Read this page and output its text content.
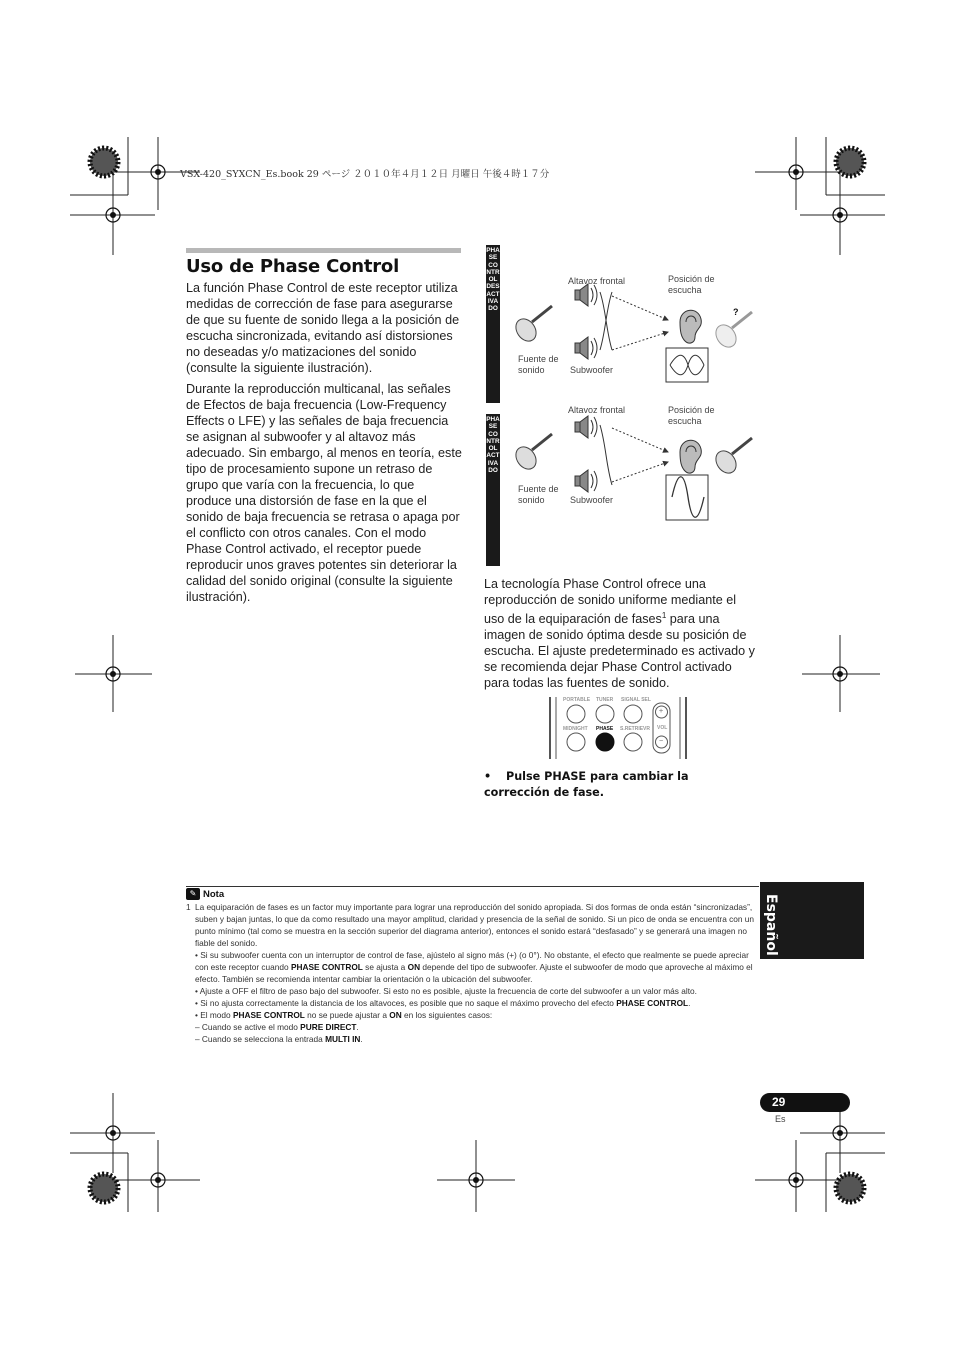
VSX-420_SYXCN_Es.book 29 ページ ２０１０年４月１２日 月曜日 午後４時１７分
Uso de Phase Control

La función Phase Control de este receptor utiliza medidas de corrección de fase para asegurarse de que su fuente de sonido llega a la posición de escucha sincronizada, evitando así distorsiones no deseadas y/o matizaciones del sonido (consulte la siguiente ilustración).

Durante la reproducción multicanal, las señales de Efectos de baja frecuencia (Low-Frequency Effects o LFE) y las señales de baja frecuencia se asignan al subwoofer y al altavoz más adecuado. Sin embargo, al menos en teoría, este tipo de procesamiento supone un retraso de grupo que varía con la frecuencia, lo que produce una distorsión de fase en la que el sonido de baja frecuencia se retrasa o apaga por el conflicto con otros canales. Con el modo Phase Control activado, el receptor puede reproducir unos graves potentes sin deteriorar la calidad del sonido original (consulte la siguiente ilustración).

PHASE CONTROL DESACTIVADO
PHASE CONTROL ACTIVADO
Altavoz frontal	Posición de escucha
Fuente de sonido	Subwoofer
?
Altavoz frontal	Posición de escucha
Fuente de sonido	Subwoofer

La tecnología Phase Control ofrece una reproducción de sonido uniforme mediante el uso de la equiparación de fases$^1$ para una imagen de sonido óptima desde su posición de escucha. El ajuste predeterminado es activado y se recomienda dejar Phase Control activado para todas las fuentes de sonido.

PORTABLE TUNER SIGNAL SEL
MIDNIGHT PHASE S.RETRIEVR
+
VOL
−
• Pulse PHASE para cambiar la corrección de fase.
✎ Nota
1 La equiparación de fases es un factor muy importante para lograr una reproducción del sonido apropiada. Si dos formas de onda están “sincronizadas”, suben y bajan juntas, lo que da como resultado una mayor amplitud, claridad y presencia de la señal de sonido. Si un pico de onda se encuentra con un punto mínimo (tal como se muestra en la sección superior del diagrama anterior), entonces el sonido estará “desfasado” y se generará una imagen no fiable del sonido.
• Si su subwoofer cuenta con un interruptor de control de fase, ajústelo al signo más (+) (o 0°). No obstante, el efecto que realmente se puede apreciar con este receptor cuando PHASE CONTROL se ajusta a ON depende del tipo de subwoofer. Ajuste el subwoofer de modo que aproveche al máximo el efecto. También se recomienda intentar cambiar la orientación o la ubicación del subwoofer.
• Ajuste a OFF el filtro de paso bajo del subwoofer. Si esto no es posible, ajuste la frecuencia de corte del subwoofer a un valor más alto.
• Si no ajusta correctamente la distancia de los altavoces, es posible que no saque el máximo provecho del efecto PHASE CONTROL.
• El modo PHASE CONTROL no se puede ajustar a ON en los siguientes casos:
– Cuando se active el modo PURE DIRECT.
– Cuando se selecciona la entrada MULTI IN.
Español
29
Es
